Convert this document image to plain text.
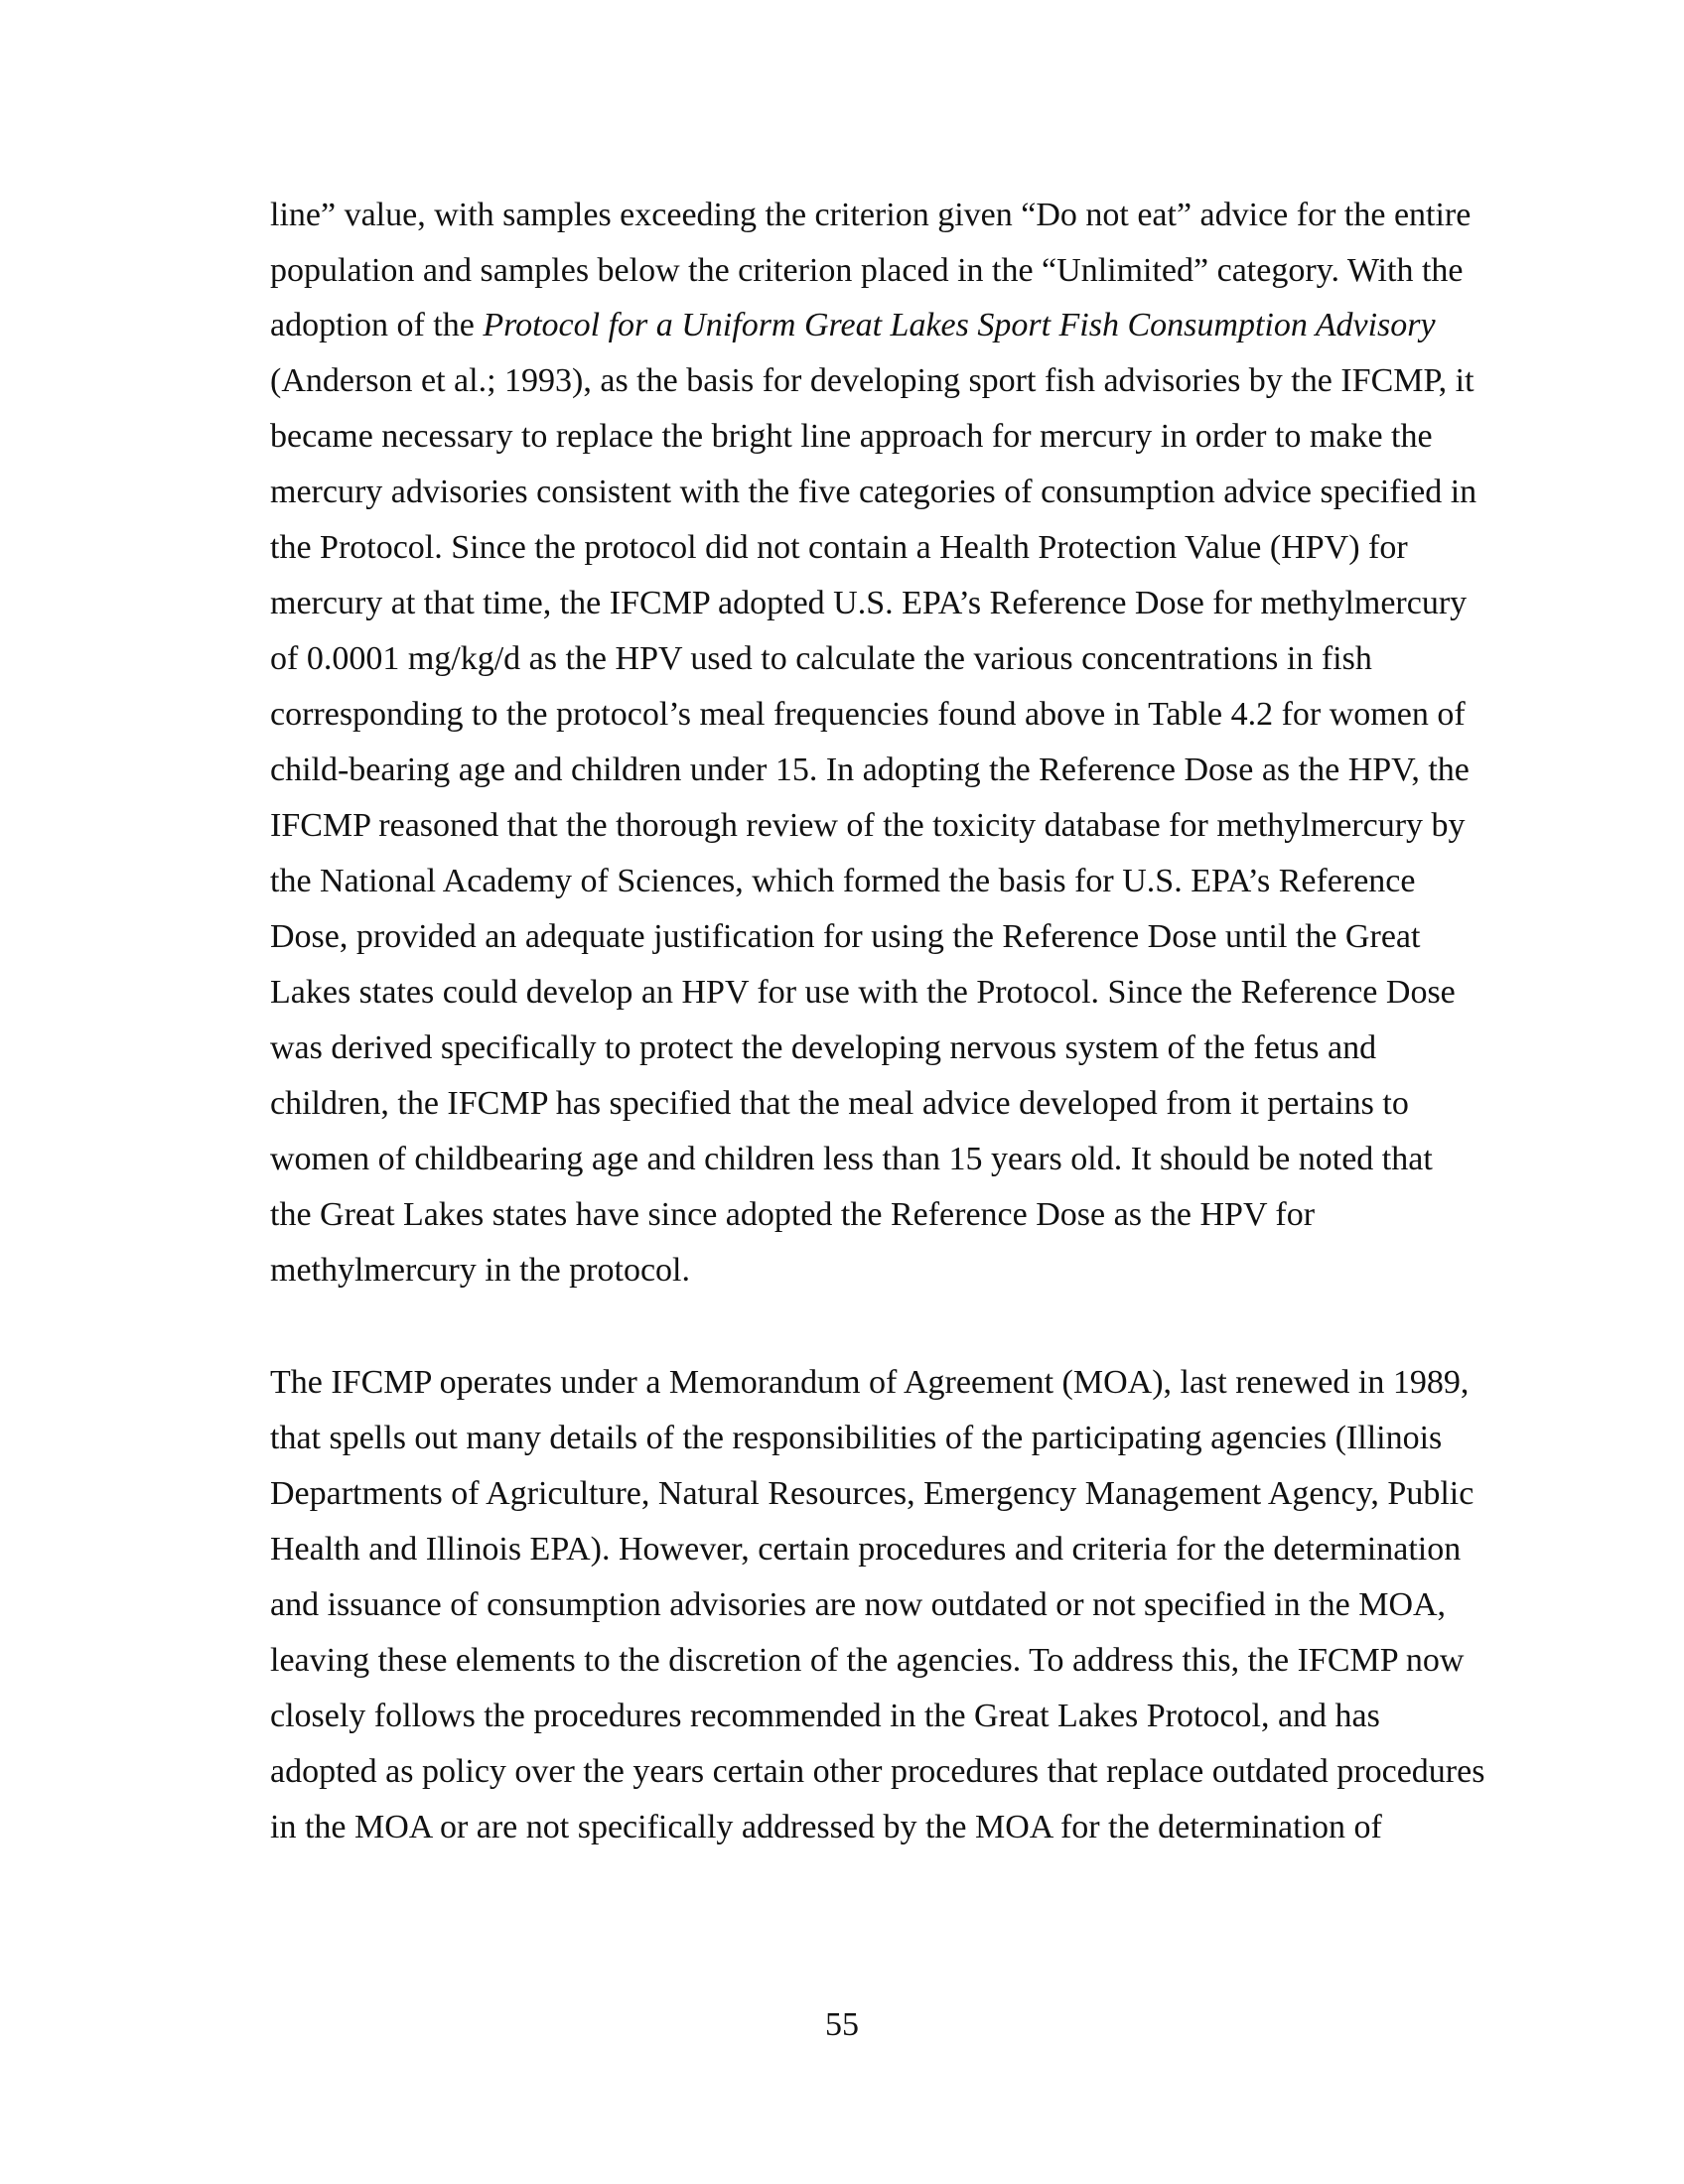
line” value, with samples exceeding the criterion given “Do not eat” advice for the entire

population and samples below the criterion placed in the “Unlimited” category. With the

adoption of the Protocol for a Uniform Great Lakes Sport Fish Consumption Advisory

(Anderson et al.; 1993), as the basis for developing sport fish advisories by the IFCMP, it

became necessary to replace the bright line approach for mercury in order to make the

mercury advisories consistent with the five categories of consumption advice specified in

the Protocol. Since the protocol did not contain a Health Protection Value (HPV) for

mercury at that time, the IFCMP adopted U.S. EPA’s Reference Dose for methylmercury

of 0.0001 mg/kg/d as the HPV used to calculate the various concentrations in fish

corresponding to the protocol’s meal frequencies found above in Table 4.2 for women of

child-bearing age and children under 15. In adopting the Reference Dose as the HPV, the

IFCMP reasoned that the thorough review of the toxicity database for methylmercury by

the National Academy of Sciences, which formed the basis for U.S. EPA’s Reference

Dose, provided an adequate justification for using the Reference Dose until the Great

Lakes states could develop an HPV for use with the Protocol. Since the Reference Dose

was derived specifically to protect the developing nervous system of the fetus and

children, the IFCMP has specified that the meal advice developed from it pertains to

women of childbearing age and children less than 15 years old. It should be noted that

the Great Lakes states have since adopted the Reference Dose as the HPV for

methylmercury in the protocol.

The IFCMP operates under a Memorandum of Agreement (MOA), last renewed in 1989,

that spells out many details of the responsibilities of the participating agencies (Illinois

Departments of Agriculture, Natural Resources, Emergency Management Agency, Public

Health and Illinois EPA). However, certain procedures and criteria for the determination

and issuance of consumption advisories are now outdated or not specified in the MOA,

leaving these elements to the discretion of the agencies. To address this, the IFCMP now

closely follows the procedures recommended in the Great Lakes Protocol, and has

adopted as policy over the years certain other procedures that replace outdated procedures

in the MOA or are not specifically addressed by the MOA for the determination of

55
